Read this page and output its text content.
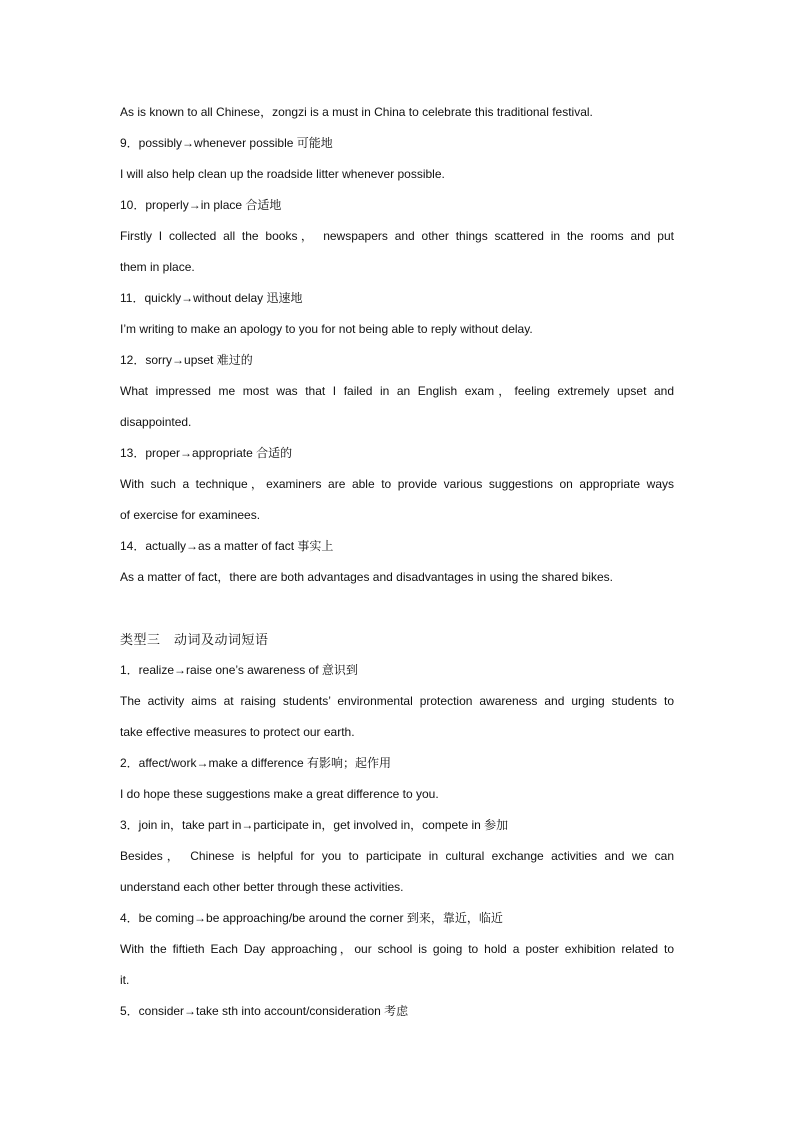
As is known to all Chinese，zongzi is a must in China to celebrate this traditional festival.
9．possibly→whenever possible 可能地
I will also help clean up the roadside litter whenever possible.
10．properly→in place 合适地
Firstly I collected all the books， newspapers and other things scattered in the rooms and put
them in place.
11．quickly→without delay 迅速地
I’m writing to make an apology to you for not being able to reply without delay.
12．sorry→upset 难过的
What impressed me most was that I failed in an English exam，feeling extremely upset and
disappointed.
13．proper→appropriate 合适的
With such a technique，examiners are able to provide various suggestions on appropriate ways
of exercise for examinees.
14．actually→as a matter of fact 事实上
As a matter of fact，there are both advantages and disadvantages in using the shared bikes.
类型三　动词及动词短语
1．realize→raise one’s awareness of 意识到
The activity aims at raising students’ environmental protection awareness and urging students to
take effective measures to protect our earth.
2．affect/work→make a difference 有影响；起作用
I do hope these suggestions make a great difference to you.
3．join in，take part in→participate in，get involved in，compete in 参加
Besides， Chinese is helpful for you to participate in cultural exchange activities and we can
understand each other better through these activities.
4．be coming→be approaching/be around the corner 到来，靠近，临近
With the fiftieth Each Day approaching，our school is going to hold a poster exhibition related to
it.
5．consider→take sth into account/consideration 考虑
